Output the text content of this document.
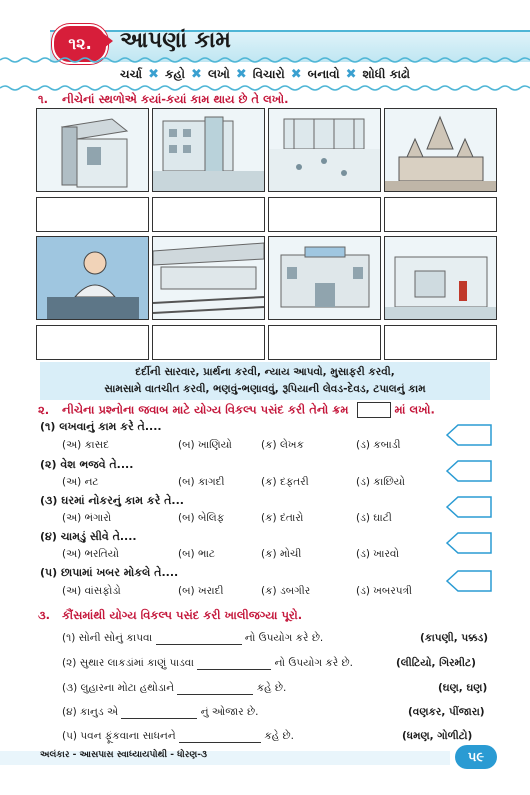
૧૨.	આપણાં કામ
ચર્ચા ✖ કહો ✖ લખો ✖ વિચારો ✖ બનાવો ✖ શોધી કાઢો
૧. નીચેનાં સ્થળોએ કયાં-કયાં કામ થાય છે તે લખો.
દર્દીની સારવાર, પ્રાર્થના કરવી, ન્યાય આપવો, મુસાફરી કરવી,
સામસામે વાતચીત કરવી, ભણવું-ભણાવવું, રૂપિયાની લેવડ-દેવડ, ટપાલનું કામ
૨. નીચેના પ્રશ્નોના જવાબ માટે યોગ્ય વિકલ્પ પસંદ કરી તેનો ક્રમ	માં લખો.
(૧) લખવાનું કામ કરે તે....
(અ) કાસદ	(બ) ખાણિયો	(ક) લેખક	(ડ) કબાડી
(૨) વેશ ભજવે તે....
(અ) નટ	(બ) કાગદી	(ક) દફતરી	(ડ) કાછિયો
(૩) ઘરમાં નોકરનું કામ કરે તે...
(અ) ભંગારો	(બ) બેલિફ	(ક) દંતારો	(ડ) ઘાટી
(૪) ચામડું સીવે તે....
(અ) ભરતિયો	(બ) ભાટ	(ક) મોચી	(ડ) ખારવો
(પ) છાપામાં ખબર મોકલે તે....
(અ) વાંસફોડો	(બ) ખરાદી	(ક) ડબગીર	(ડ) ખબરપત્રી
૩. કૌંસમાંથી યોગ્ય વિકલ્પ પસંદ કરી ખાલીજગ્યા પૂરો.
(૧) સોની સોનું કાપવા	નો ઉપયોગ કરે છે.	(કાપણી, પક્કડ)
(૨) સુથાર લાકડાંમાં કાણું પાડવા	નો ઉપયોગ કરે છે.	(લીટિયો, ગિરમીટ)
(૩) લુહારના મોટા હથોડાને	કહે છે.	(ઘણ, ઘણ)
(૪) કાનુડ એ	નું ઓજાર છે.	(વણકર, પીંજારા)
(પ) પવન ફૂંકવાના સાધનને	કહે છે.	(ધમણ, ગોળીટો)
અલંકાર - આસપાસ સ્વાધ્યાયપોથી - ધોરણ-૩	૫૯
